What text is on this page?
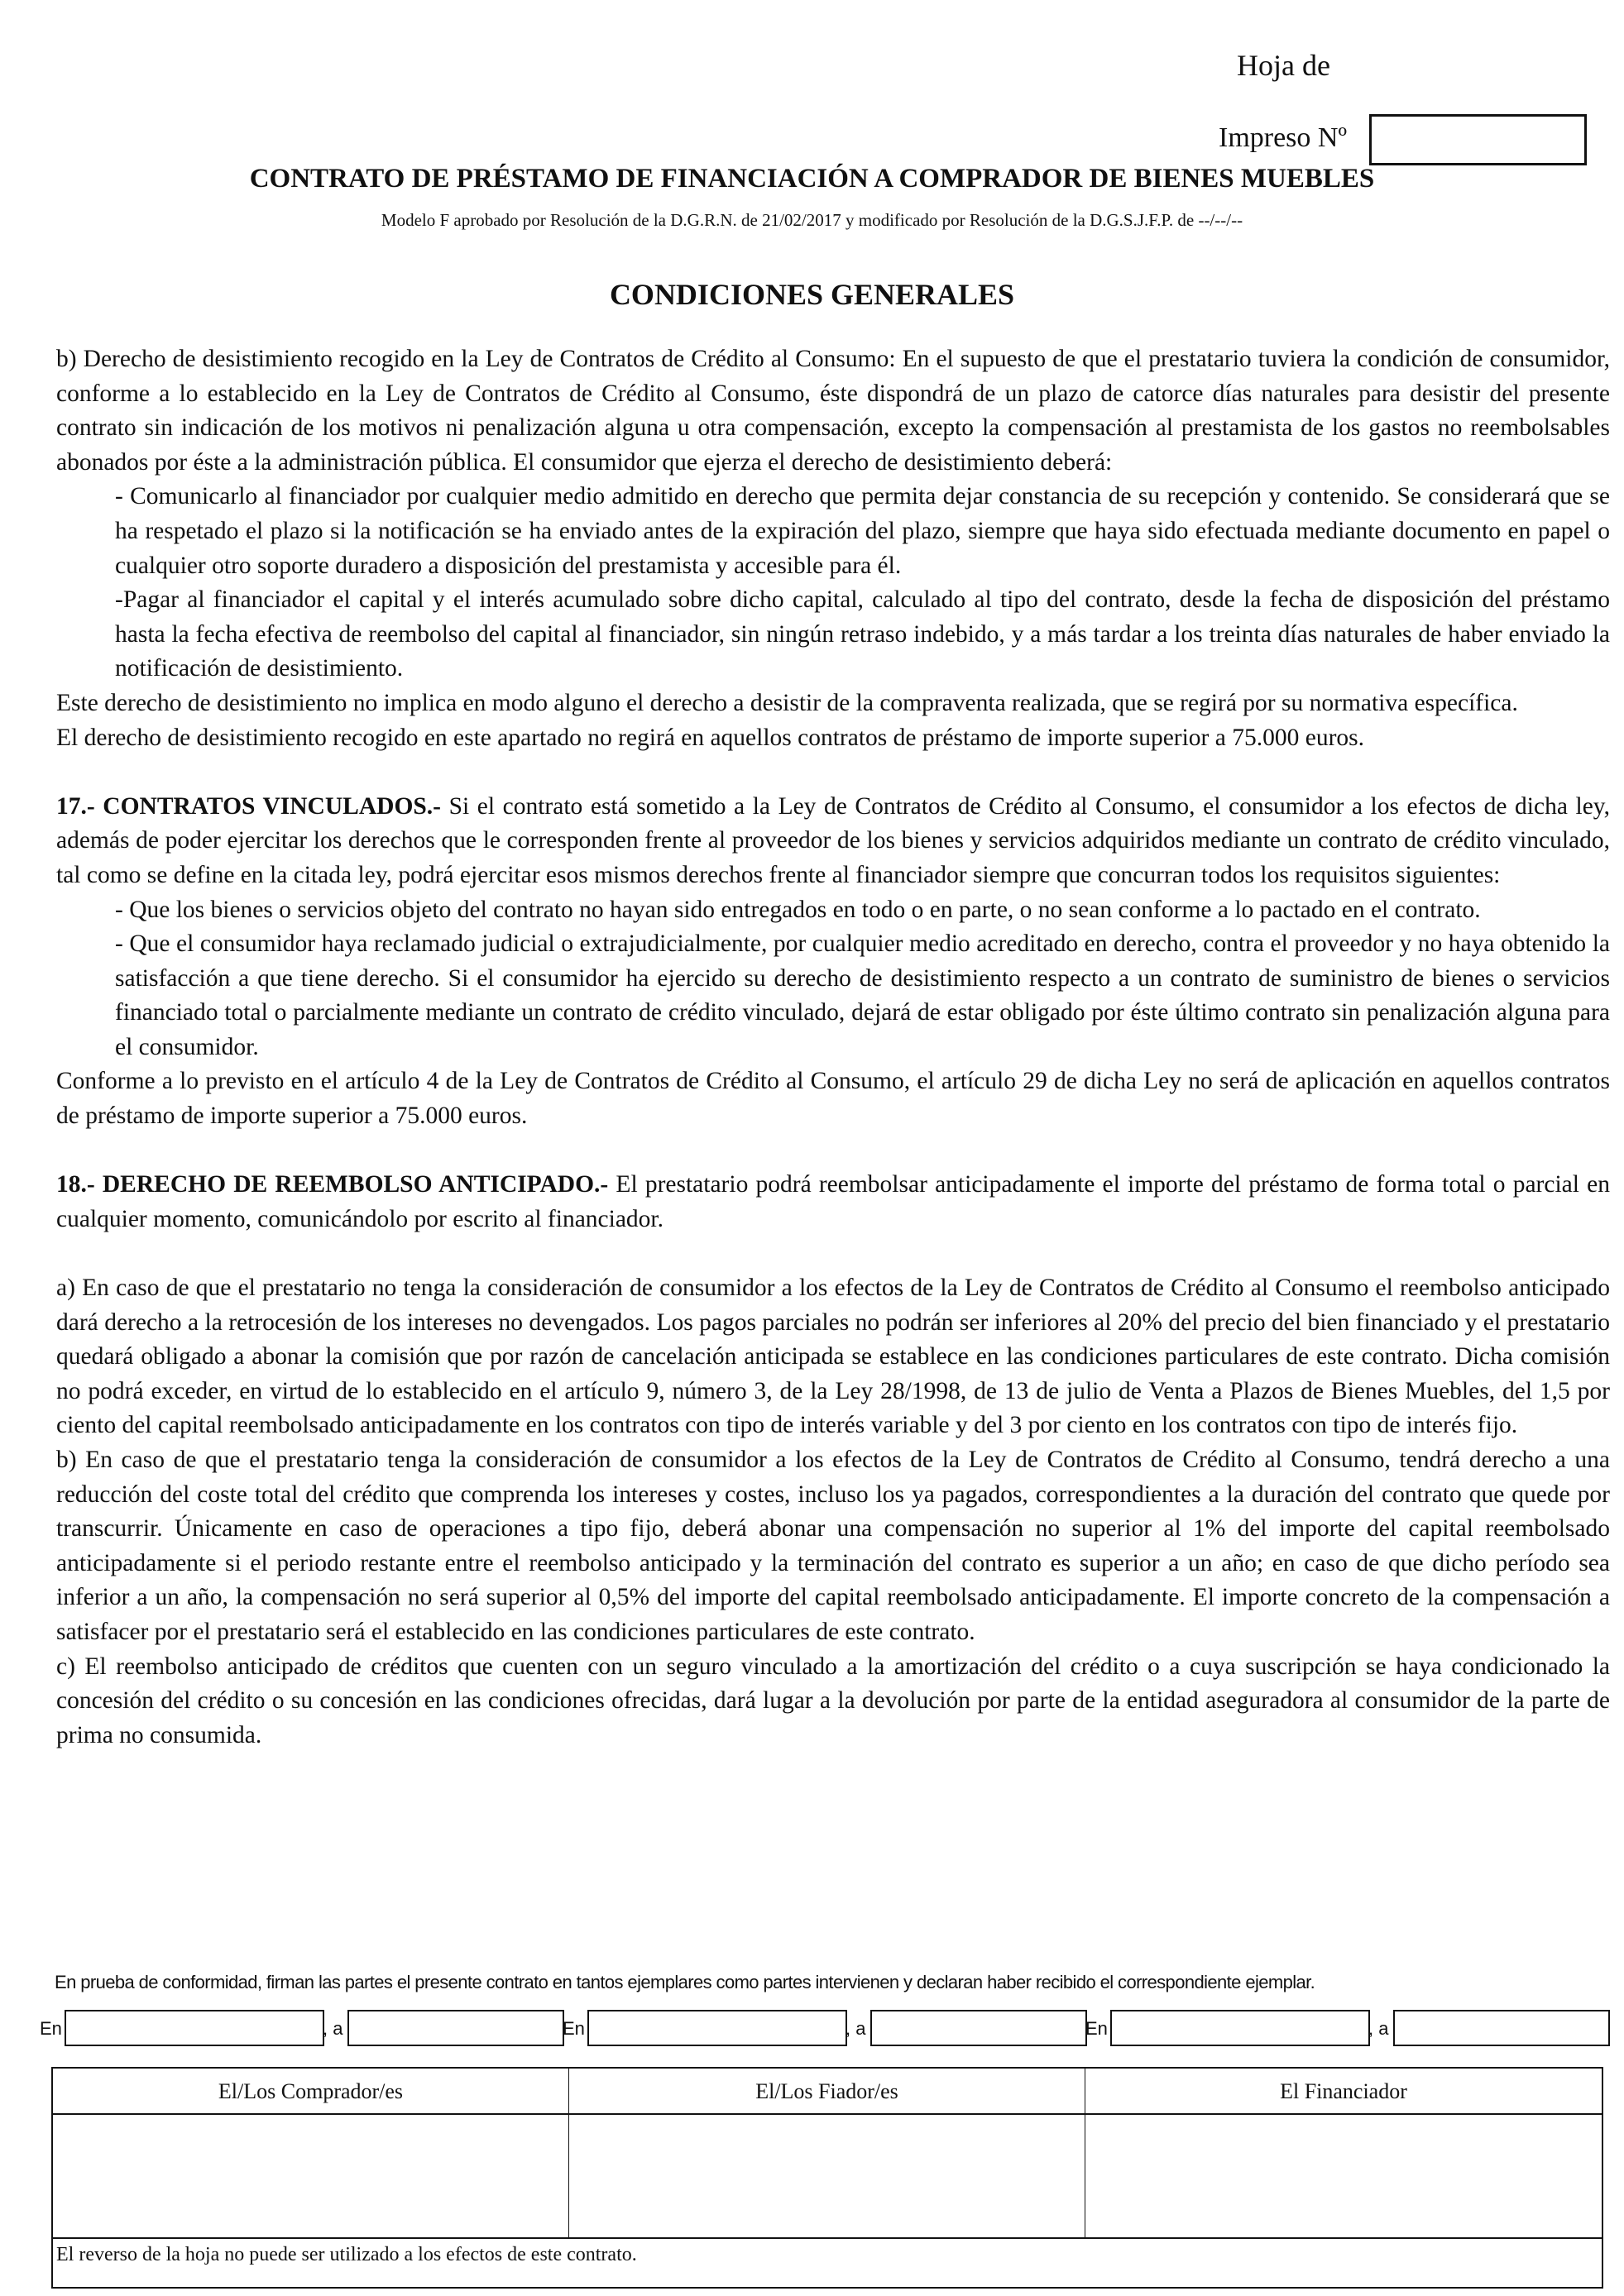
Hoja de
Impreso Nº
CONTRATO DE PRÉSTAMO DE FINANCIACIÓN A COMPRADOR DE BIENES MUEBLES
Modelo F aprobado por Resolución de la D.G.R.N. de 21/02/2017 y modificado por Resolución de la D.G.S.J.F.P. de --/--/--
CONDICIONES GENERALES

b) Derecho de desistimiento recogido en la Ley de Contratos de Crédito al Consumo: En el supuesto de que el prestatario tuviera la condición de consumidor, conforme a lo establecido en la Ley de Contratos de Crédito al Consumo, éste dispondrá de un plazo de catorce días naturales para desistir del presente contrato sin indicación de los motivos ni penalización alguna u otra compensación, excepto la compensación al prestamista de los gastos no reembolsables abonados por éste a la administración pública. El consumidor que ejerza el derecho de desistimiento deberá:

- Comunicarlo al financiador por cualquier medio admitido en derecho que permita dejar constancia de su recepción y contenido. Se considerará que se ha respetado el plazo si la notificación se ha enviado antes de la expiración del plazo, siempre que haya sido efectuada mediante documento en papel o cualquier otro soporte duradero a disposición del prestamista y accesible para él.

-Pagar al financiador el capital y el interés acumulado sobre dicho capital, calculado al tipo del contrato, desde la fecha de disposición del préstamo hasta la fecha efectiva de reembolso del capital al financiador, sin ningún retraso indebido, y a más tardar a los treinta días naturales de haber enviado la notificación de desistimiento.

Este derecho de desistimiento no implica en modo alguno el derecho a desistir de la compraventa realizada, que se regirá por su normativa específica.

El derecho de desistimiento recogido en este apartado no regirá en aquellos contratos de préstamo de importe superior a 75.000 euros.

17.- CONTRATOS VINCULADOS.- Si el contrato está sometido a la Ley de Contratos de Crédito al Consumo, el consumidor a los efectos de dicha ley, además de poder ejercitar los derechos que le corresponden frente al proveedor de los bienes y servicios adquiridos mediante un contrato de crédito vinculado, tal como se define en la citada ley, podrá ejercitar esos mismos derechos frente al financiador siempre que concurran todos los requisitos siguientes:

- Que los bienes o servicios objeto del contrato no hayan sido entregados en todo o en parte, o no sean conforme a lo pactado en el contrato.

- Que el consumidor haya reclamado judicial o extrajudicialmente, por cualquier medio acreditado en derecho, contra el proveedor y no haya obtenido la satisfacción a que tiene derecho. Si el consumidor ha ejercido su derecho de desistimiento respecto a un contrato de suministro de bienes o servicios financiado total o parcialmente mediante un contrato de crédito vinculado, dejará de estar obligado por éste último contrato sin penalización alguna para el consumidor.

Conforme a lo previsto en el artículo 4 de la Ley de Contratos de Crédito al Consumo, el artículo 29 de dicha Ley no será de aplicación en aquellos contratos de préstamo de importe superior a 75.000 euros.

18.- DERECHO DE REEMBOLSO ANTICIPADO.- El prestatario podrá reembolsar anticipadamente el importe del préstamo de forma total o parcial en cualquier momento, comunicándolo por escrito al financiador.

a) En caso de que el prestatario no tenga la consideración de consumidor a los efectos de la Ley de Contratos de Crédito al Consumo el reembolso anticipado dará derecho a la retrocesión de los intereses no devengados. Los pagos parciales no podrán ser inferiores al 20% del precio del bien financiado y el prestatario quedará obligado a abonar la comisión que por razón de cancelación anticipada se establece en las condiciones particulares de este contrato. Dicha comisión no podrá exceder, en virtud de lo establecido en el artículo 9, número 3, de la Ley 28/1998, de 13 de julio de Venta a Plazos de Bienes Muebles, del 1,5 por ciento del capital reembolsado anticipadamente en los contratos con tipo de interés variable y del 3 por ciento en los contratos con tipo de interés fijo.

b) En caso de que el prestatario tenga la consideración de consumidor a los efectos de la Ley de Contratos de Crédito al Consumo, tendrá derecho a una reducción del coste total del crédito que comprenda los intereses y costes, incluso los ya pagados, correspondientes a la duración del contrato que quede por transcurrir. Únicamente en caso de operaciones a tipo fijo, deberá abonar una compensación no superior al 1% del importe del capital reembolsado anticipadamente si el periodo restante entre el reembolso anticipado y la terminación del contrato es superior a un año; en caso de que dicho período sea inferior a un año, la compensación no será superior al 0,5% del importe del capital reembolsado anticipadamente. El importe concreto de la compensación a satisfacer por el prestatario será el establecido en las condiciones particulares de este contrato.

c) El reembolso anticipado de créditos que cuenten con un seguro vinculado a la amortización del crédito o a cuya suscripción se haya condicionado la concesión del crédito o su concesión en las condiciones ofrecidas, dará lugar a la devolución por parte de la entidad aseguradora al consumidor de la parte de prima no consumida.

En prueba de conformidad, firman las partes el presente contrato en tantos ejemplares como partes intervienen y declaran haber recibido el correspondiente ejemplar.
En	, a	En	, a	En	, a
El/Los Comprador/es	El/Los Fiador/es	El Financiador
El reverso de la hoja no puede ser utilizado a los efectos de este contrato.
